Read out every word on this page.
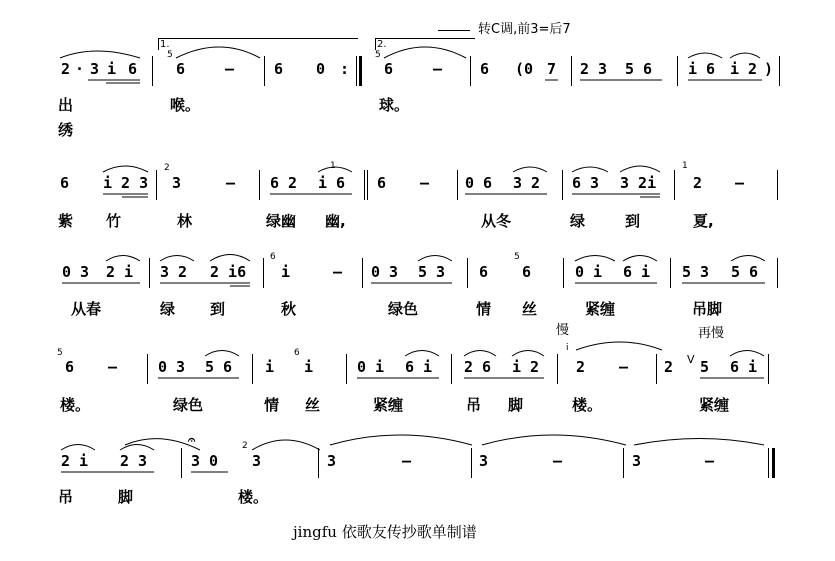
转C调,前3=后7
1.	2.
2 · 3 i 6
5
6	–	6 0 :
5
6	–	6 (0 7 2 3 5 6 i 6 i 2 )
出	喉。	球。
绣
6 i 2 3
2
3	– 6 2
1
i 6 6 – 0 6 3 2 6 3 3 2i
1
2 –
紫 竹	林	绿幽 幽,	从冬	绿	到	夏,
0 3 2 i 3 2 2 i6
6
i	– 0 3 5 3 6
5
6	0 i 6 i 5 3 5 6
从春	绿 到	秋	绿色	情 丝	紧缠	吊脚
慢	再慢
5
6 –	0 3 5 6 i
6
i	0 i 6 i 2 6 i 2
i
2 – 2 V 5 6 i
楼。	绿色	情 丝	紧缠	吊 脚	楼。	紧缠
2 i 2 3
𝄐
3 0
2
3	3	–	3	–	3	–
吊	脚	楼。
jingfu 依歌友传抄歌单制谱
